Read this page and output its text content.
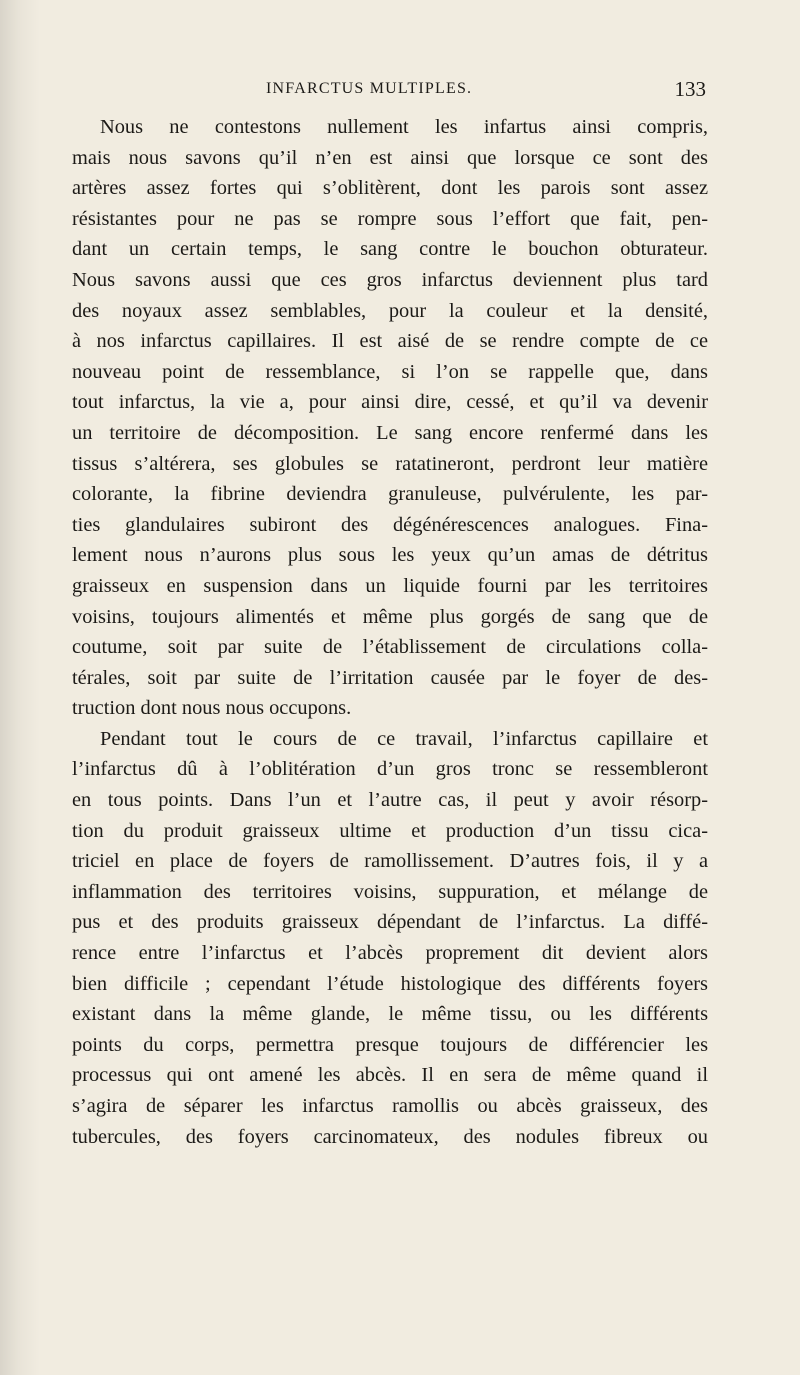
INFARCTUS MULTIPLES.	133
Nous ne contestons nullement les infartus ainsi compris,
mais nous savons qu’il n’en est ainsi que lorsque ce sont des
artères assez fortes qui s’oblitèrent, dont les parois sont assez
résistantes pour ne pas se rompre sous l’effort que fait, pen-
dant un certain temps, le sang contre le bouchon obturateur.
Nous savons aussi que ces gros infarctus deviennent plus tard
des noyaux assez semblables, pour la couleur et la densité,
à nos infarctus capillaires. Il est aisé de se rendre compte de ce
nouveau point de ressemblance, si l’on se rappelle que, dans
tout infarctus, la vie a, pour ainsi dire, cessé, et qu’il va devenir
un territoire de décomposition. Le sang encore renfermé dans les
tissus s’altérera, ses globules se ratatineront, perdront leur matière
colorante, la fibrine deviendra granuleuse, pulvérulente, les par-
ties glandulaires subiront des dégénérescences analogues. Fina-
lement nous n’aurons plus sous les yeux qu’un amas de détritus
graisseux en suspension dans un liquide fourni par les territoires
voisins, toujours alimentés et même plus gorgés de sang que de
coutume, soit par suite de l’établissement de circulations colla-
térales, soit par suite de l’irritation causée par le foyer de des-
truction dont nous nous occupons.
Pendant tout le cours de ce travail, l’infarctus capillaire et
l’infarctus dû à l’oblitération d’un gros tronc se ressembleront
en tous points. Dans l’un et l’autre cas, il peut y avoir résorp-
tion du produit graisseux ultime et production d’un tissu cica-
triciel en place de foyers de ramollissement. D’autres fois, il y a
inflammation des territoires voisins, suppuration, et mélange de
pus et des produits graisseux dépendant de l’infarctus. La diffé-
rence entre l’infarctus et l’abcès proprement dit devient alors
bien difficile ; cependant l’étude histologique des différents foyers
existant dans la même glande, le même tissu, ou les différents
points du corps, permettra presque toujours de différencier les
processus qui ont amené les abcès. Il en sera de même quand il
s’agira de séparer les infarctus ramollis ou abcès graisseux, des
tubercules, des foyers carcinomateux, des nodules fibreux ou
